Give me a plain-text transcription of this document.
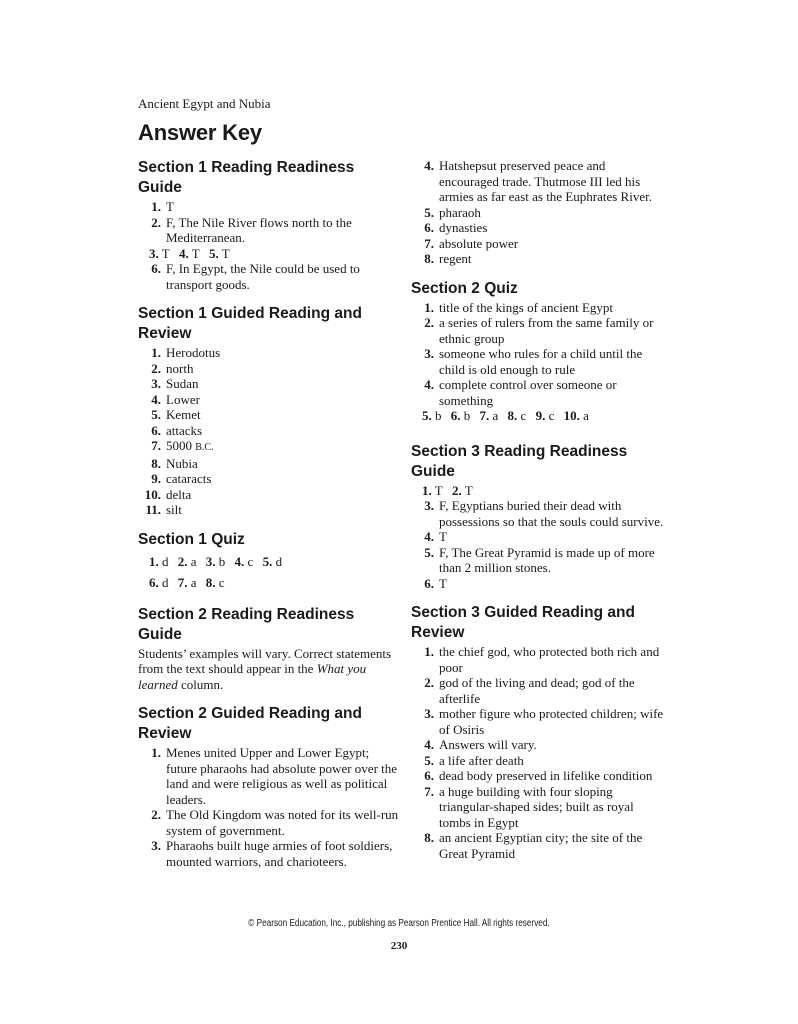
Ancient Egypt and Nubia
Answer Key
Section 1 Reading Readiness Guide
1. T
2. F, The Nile River flows north to the Mediterranean.
3. T 4. T 5. T
6. F, In Egypt, the Nile could be used to transport goods.
Section 1 Guided Reading and Review
1. Herodotus
2. north
3. Sudan
4. Lower
5. Kemet
6. attacks
7. 5000 B.C.
8. Nubia
9. cataracts
10. delta
11. silt
Section 1 Quiz
1. d 2. a 3. b 4. c 5. d
6. d 7. a 8. c
Section 2 Reading Readiness Guide

Students’ examples will vary. Correct statements from the text should appear in the What you learned column.

Section 2 Guided Reading and Review
1. Menes united Upper and Lower Egypt; future pharaohs had absolute power over the land and were religious as well as political leaders.
2. The Old Kingdom was noted for its well-run system of government.
3. Pharaohs built huge armies of foot soldiers, mounted warriors, and charioteers.
4. Hatshepsut preserved peace and encouraged trade. Thutmose III led his armies as far east as the Euphrates River.
5. pharaoh
6. dynasties
7. absolute power
8. regent
Section 2 Quiz
1. title of the kings of ancient Egypt
2. a series of rulers from the same family or ethnic group
3. someone who rules for a child until the child is old enough to rule
4. complete control over someone or something
5. b 6. b 7. a 8. c 9. c 10. a
Section 3 Reading Readiness Guide
1. T 2. T
3. F, Egyptians buried their dead with possessions so that the souls could survive.
4. T
5. F, The Great Pyramid is made up of more than 2 million stones.
6. T
Section 3 Guided Reading and Review
1. the chief god, who protected both rich and poor
2. god of the living and dead; god of the afterlife
3. mother figure who protected children; wife of Osiris
4. Answers will vary.
5. a life after death
6. dead body preserved in lifelike condition
7. a huge building with four sloping triangular-shaped sides; built as royal tombs in Egypt
8. an ancient Egyptian city; the site of the Great Pyramid
© Pearson Education, Inc., publishing as Pearson Prentice Hall. All rights reserved.
230
